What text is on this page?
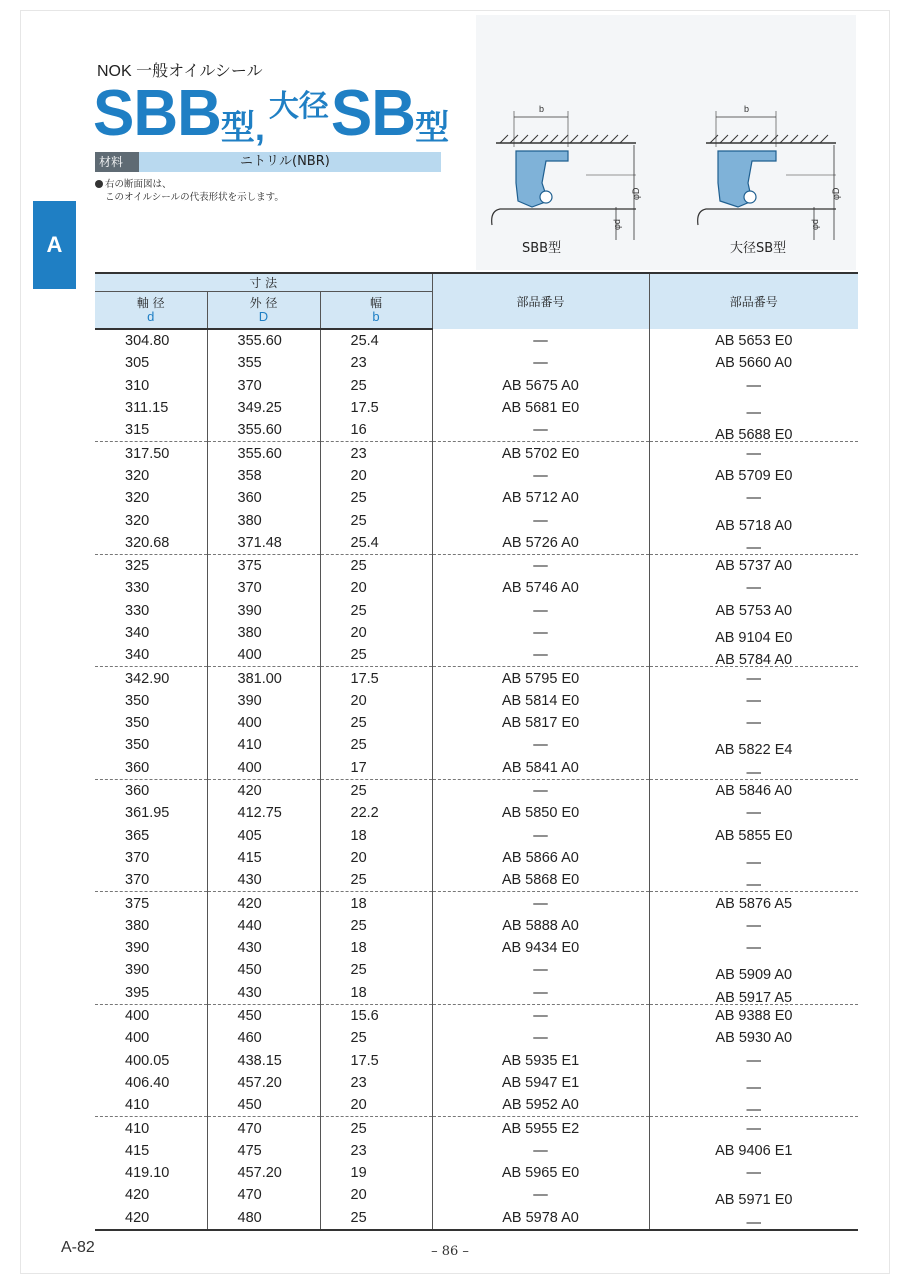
NOK 一般オイルシール
SBB型,大径SB型
材料	ニトリル(NBR)
右の断面図は、
このオイルシールの代表形状を示します。
A
b
φD
φd
SBB型
b
φD
φd
大径SB型
寸 法			部品番号	部品番号
軸 径
d	外 径
D	幅
b		

304.80	355.60	25.4	—	AB 5653 E0
305	355	23	—	AB 5660 A0
310	370	25	AB 5675 A0	—
311.15	349.25	17.5	AB 5681 E0	—
315	355.60	16	—	AB 5688 E0
317.50	355.60	23	AB 5702 E0	—
320	358	20	—	AB 5709 E0
320	360	25	AB 5712 A0	—
320	380	25	—	AB 5718 A0
320.68	371.48	25.4	AB 5726 A0	—
325	375	25	—	AB 5737 A0
330	370	20	AB 5746 A0	—
330	390	25	—	AB 5753 A0
340	380	20	—	AB 9104 E0
340	400	25	—	AB 5784 A0
342.90	381.00	17.5	AB 5795 E0	—
350	390	20	AB 5814 E0	—
350	400	25	AB 5817 E0	—
350	410	25	—	AB 5822 E4
360	400	17	AB 5841 A0	—
360	420	25	—	AB 5846 A0
361.95	412.75	22.2	AB 5850 E0	—
365	405	18	—	AB 5855 E0
370	415	20	AB 5866 A0	—
370	430	25	AB 5868 E0	—
375	420	18	—	AB 5876 A5
380	440	25	AB 5888 A0	—
390	430	18	AB 9434 E0	—
390	450	25	—	AB 5909 A0
395	430	18	—	AB 5917 A5
400	450	15.6	—	AB 9388 E0
400	460	25	—	AB 5930 A0
400.05	438.15	17.5	AB 5935 E1	—
406.40	457.20	23	AB 5947 E1	—
410	450	20	AB 5952 A0	—
410	470	25	AB 5955 E2	—
415	475	23	—	AB 9406 E1
419.10	457.20	19	AB 5965 E0	—
420	470	20	—	AB 5971 E0
420	480	25	AB 5978 A0	—
A-82	– 86 –
